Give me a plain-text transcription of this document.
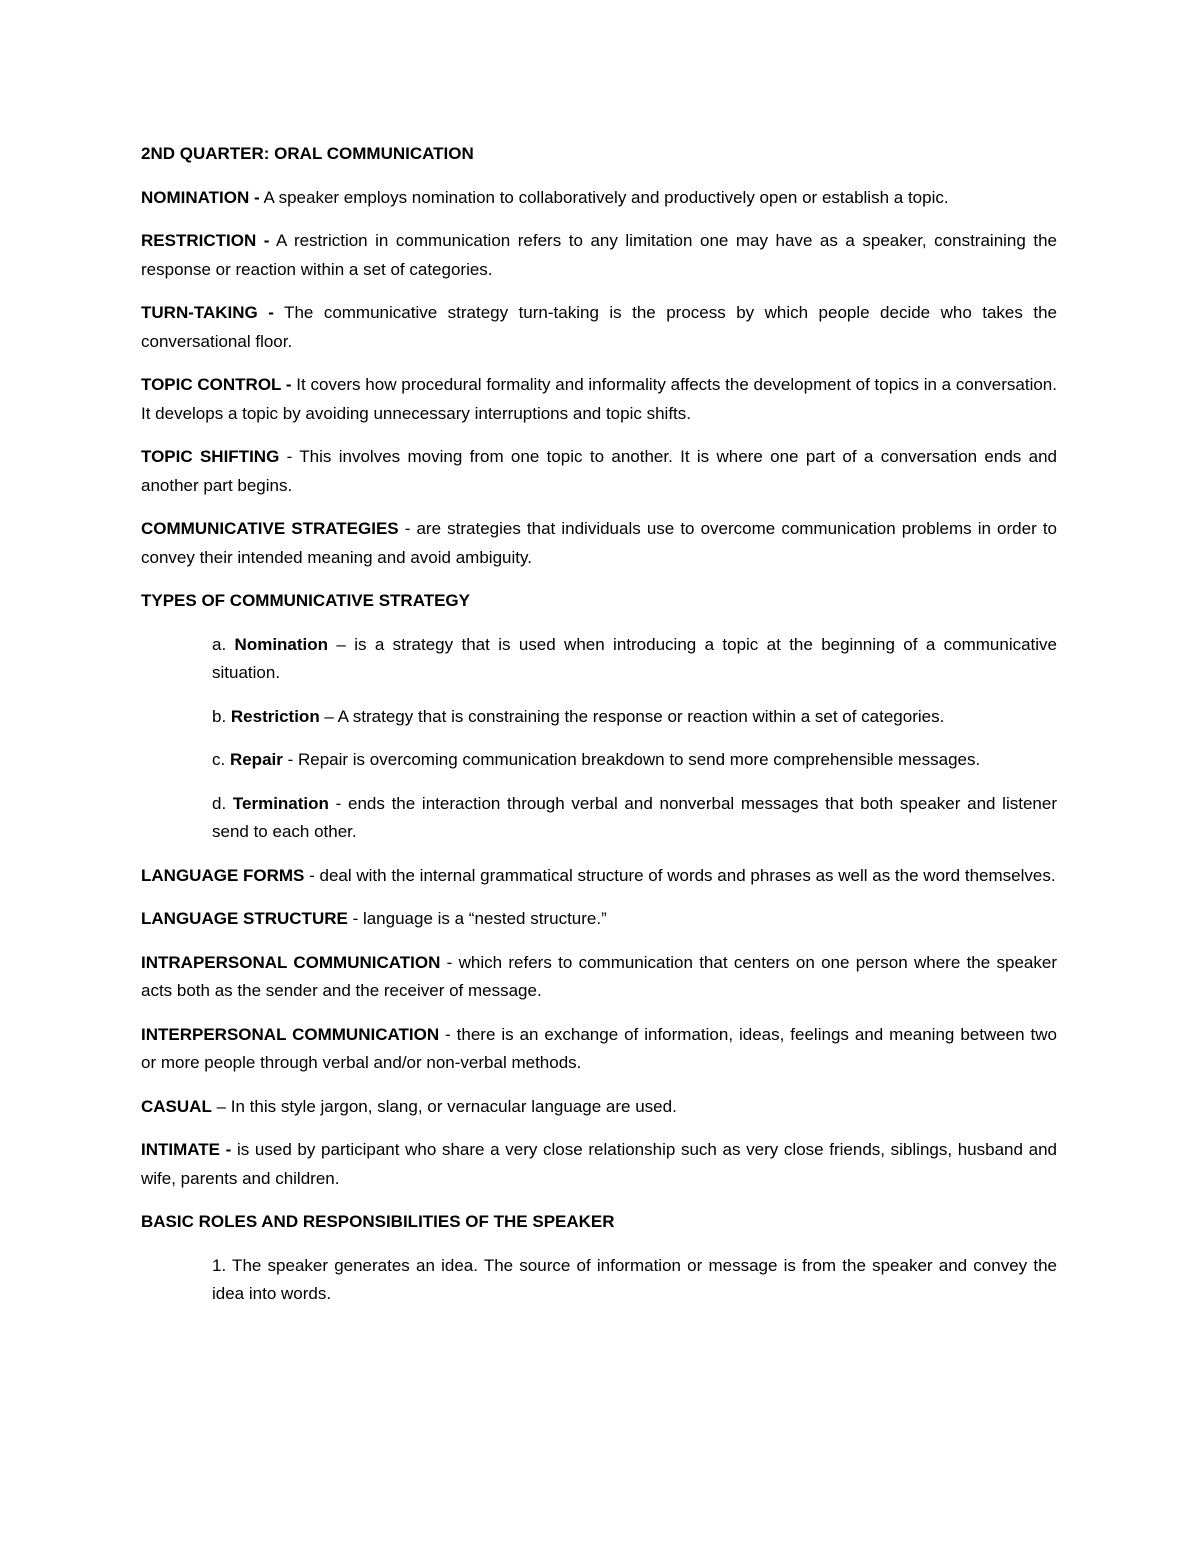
2ND QUARTER: ORAL COMMUNICATION
NOMINATION - A speaker employs nomination to collaboratively and productively open or establish a topic.
RESTRICTION - A restriction in communication refers to any limitation one may have as a speaker, constraining the response or reaction within a set of categories.
TURN-TAKING - The communicative strategy turn-taking is the process by which people decide who takes the conversational floor.
TOPIC CONTROL - It covers how procedural formality and informality affects the development of topics in a conversation. It develops a topic by avoiding unnecessary interruptions and topic shifts.
TOPIC SHIFTING - This involves moving from one topic to another. It is where one part of a conversation ends and another part begins.
COMMUNICATIVE STRATEGIES - are strategies that individuals use to overcome communication problems in order to convey their intended meaning and avoid ambiguity.
TYPES OF COMMUNICATIVE STRATEGY
a. Nomination – is a strategy that is used when introducing a topic at the beginning of a communicative situation.
b. Restriction – A strategy that is constraining the response or reaction within a set of categories.
c. Repair - Repair is overcoming communication breakdown to send more comprehensible messages.
d. Termination - ends the interaction through verbal and nonverbal messages that both speaker and listener send to each other.
LANGUAGE FORMS - deal with the internal grammatical structure of words and phrases as well as the word themselves.
LANGUAGE STRUCTURE - language is a “nested structure.”
INTRAPERSONAL COMMUNICATION - which refers to communication that centers on one person where the speaker acts both as the sender and the receiver of message.
INTERPERSONAL COMMUNICATION - there is an exchange of information, ideas, feelings and meaning between two or more people through verbal and/or non-verbal methods.
CASUAL – In this style jargon, slang, or vernacular language are used.
INTIMATE - is used by participant who share a very close relationship such as very close friends, siblings, husband and wife, parents and children.
BASIC ROLES AND RESPONSIBILITIES OF THE SPEAKER
1. The speaker generates an idea. The source of information or message is from the speaker and convey the idea into words.
